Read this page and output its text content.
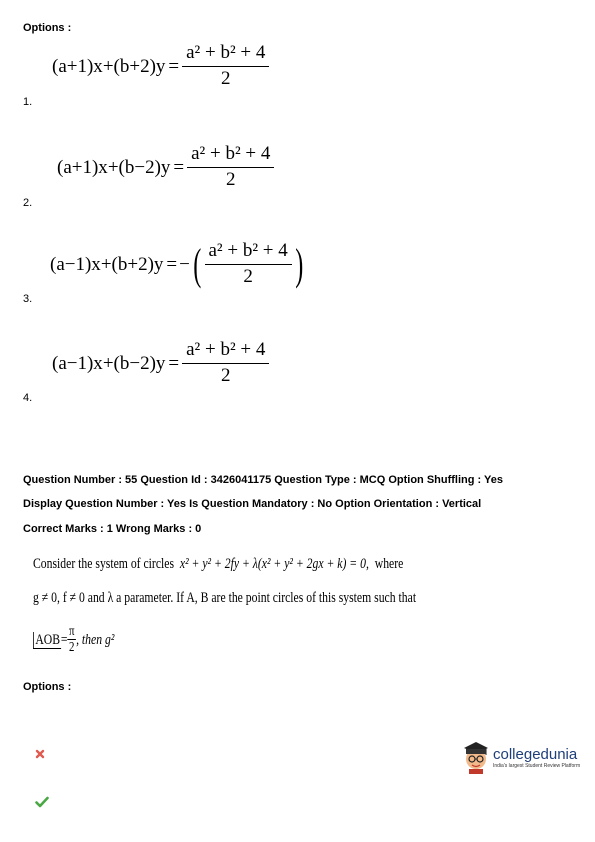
Options :
$(a+1)x +(b+2)y = \frac{\text{a² + b² + 4}}{2}$
1.
$(a+1)x +(b-2)y = \frac{\text{a² + b² + 4}}{2}$
2.
(a−1)x +(b+2)y = − ( $\frac{\text{a² + b² + 4}}{2}$ )
3.
$(a-1)x +(b-2)y = \frac{\text{a² + b² + 4}}{2}$
4.
Question Number : 55 Question Id : 3426041175 Question Type : MCQ Option Shuffling : Yes
Display Question Number : Yes Is Question Mandatory : No Option Orientation : Vertical
Correct Marks : 1 Wrong Marks : 0
Consider the system of circles x² + y² + 2fy + λ(x² + y² + 2gx + k) = 0, where
g ≠ 0, f ≠ 0 and λ a parameter. If A, B are the point circles of this system such that
AOB = $\frac{\pi}{2}$ , then g²
Options :
collegedunia
India's largest Student Review Platform
